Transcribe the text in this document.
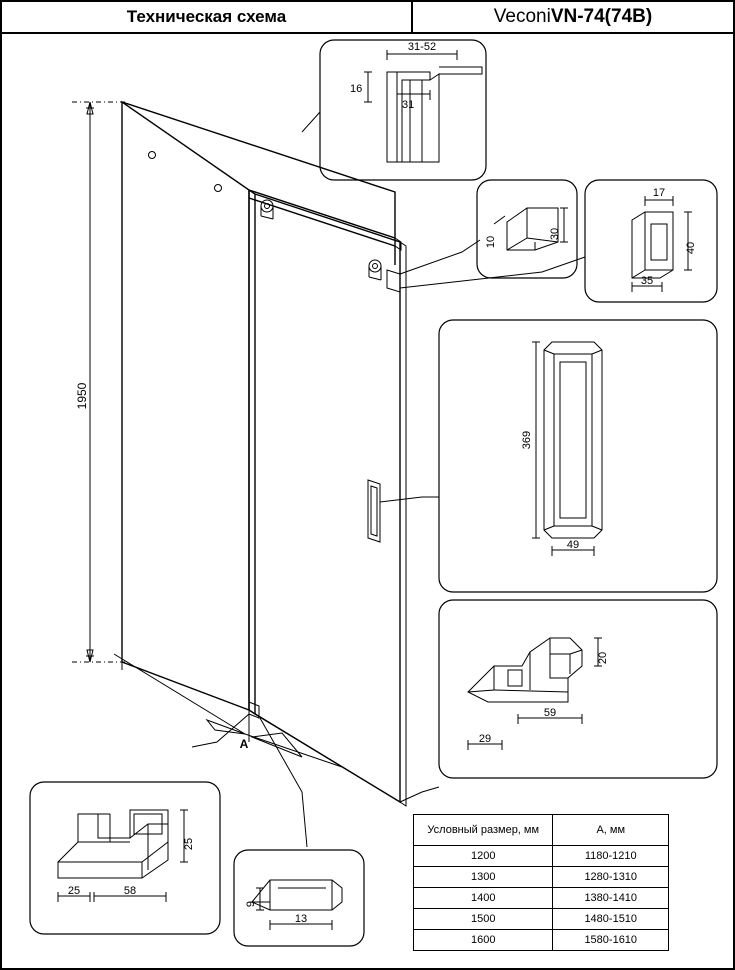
Техническая схема	Veconi VN-74(74В)
1950
A
31-52
16
31
10
30
17
40
35
369
49
20
59
29
25
58
25
9
13
Условный размер, мм	А, мм
1200	1180-1210
1300	1280-1310
1400	1380-1410
1500	1480-1510
1600	1580-1610
